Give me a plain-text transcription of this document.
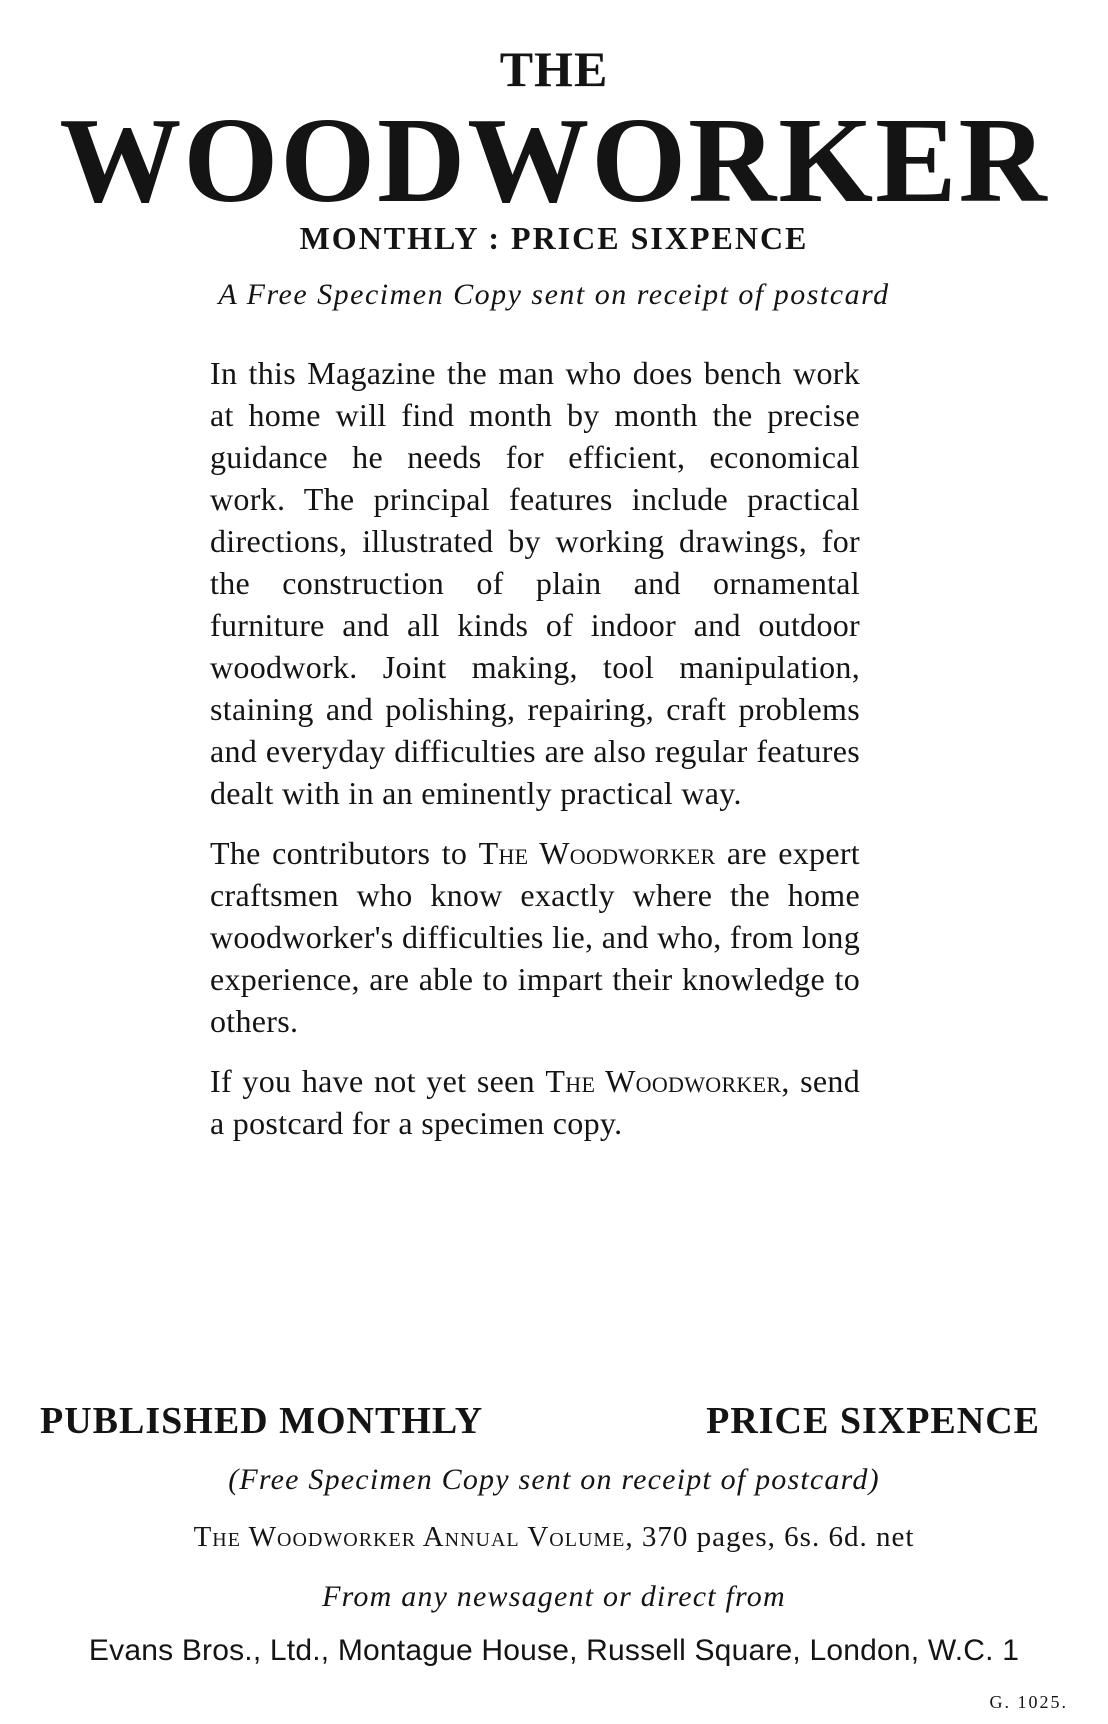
THE
WOODWORKER
MONTHLY : PRICE SIXPENCE
A Free Specimen Copy sent on receipt of postcard

In this Magazine the man who does bench work at home will find month by month the precise guidance he needs for efficient, economical work. The principal features include practical directions, illustrated by working drawings, for the construction of plain and ornamental furniture and all kinds of indoor and outdoor woodwork. Joint making, tool manipulation, staining and polishing, repairing, craft problems and everyday difficulties are also regular features dealt with in an eminently practical way.

The contributors to The Woodworker are expert craftsmen who know exactly where the home woodworker's difficulties lie, and who, from long experience, are able to impart their knowledge to others.

If you have not yet seen The Woodworker, send a postcard for a specimen copy.

PUBLISHED MONTHLY	PRICE SIXPENCE
(Free Specimen Copy sent on receipt of postcard)
The Woodworker Annual Volume, 370 pages, 6s. 6d. net
From any newsagent or direct from
Evans Bros., Ltd., Montague House, Russell Square, London, W.C. 1
G. 1025.
